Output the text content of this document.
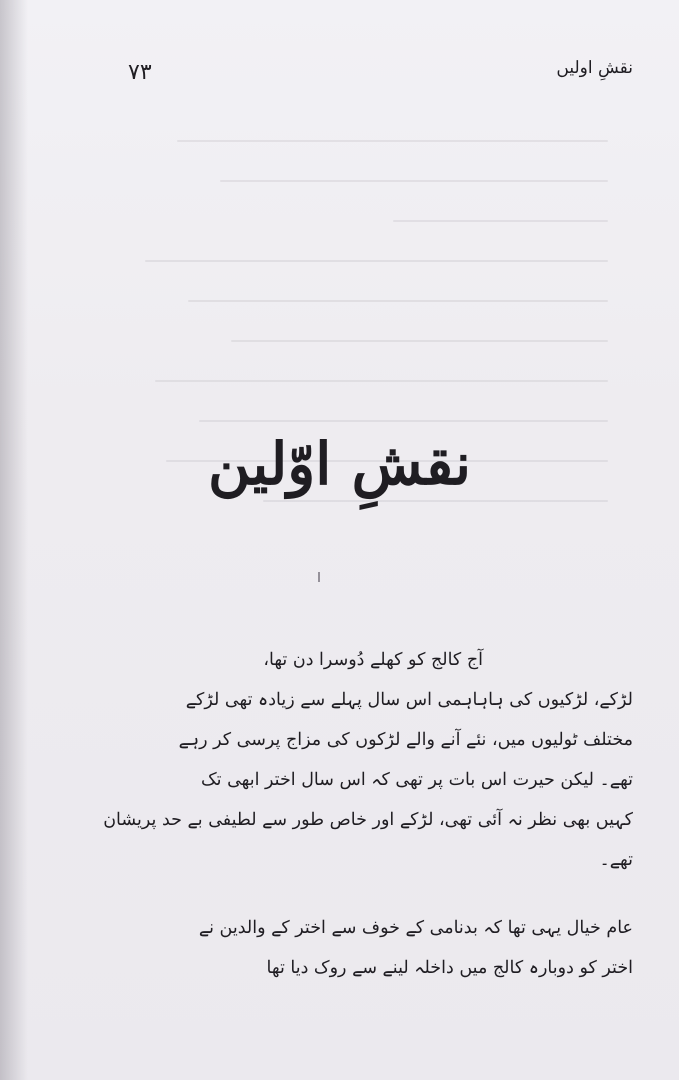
نقشِ اولیں
۷۳
نقشِ اوّلین

آج کالج کو کھلے دُوسرا دن تھا،

لڑکے، لڑکیوں کی ہاہاہمی اس سال پہلے سے زیادہ تھی لڑکے

مختلف ٹولیوں میں، نئے آنے والے لڑکوں کی مزاج پرسی کر رہے

تھے۔ لیکن حیرت اس بات پر تھی کہ اس سال اختر ابھی تک

کہیں بھی نظر نہ آئی تھی، لڑکے اور خاص طور سے لطیفی بے حد پریشان

تھے۔

عام خیال یہی تھا کہ بدنامی کے خوف سے اختر کے والدین نے

اختر کو دوبارہ کالج میں داخلہ لینے سے روک دیا تھا
